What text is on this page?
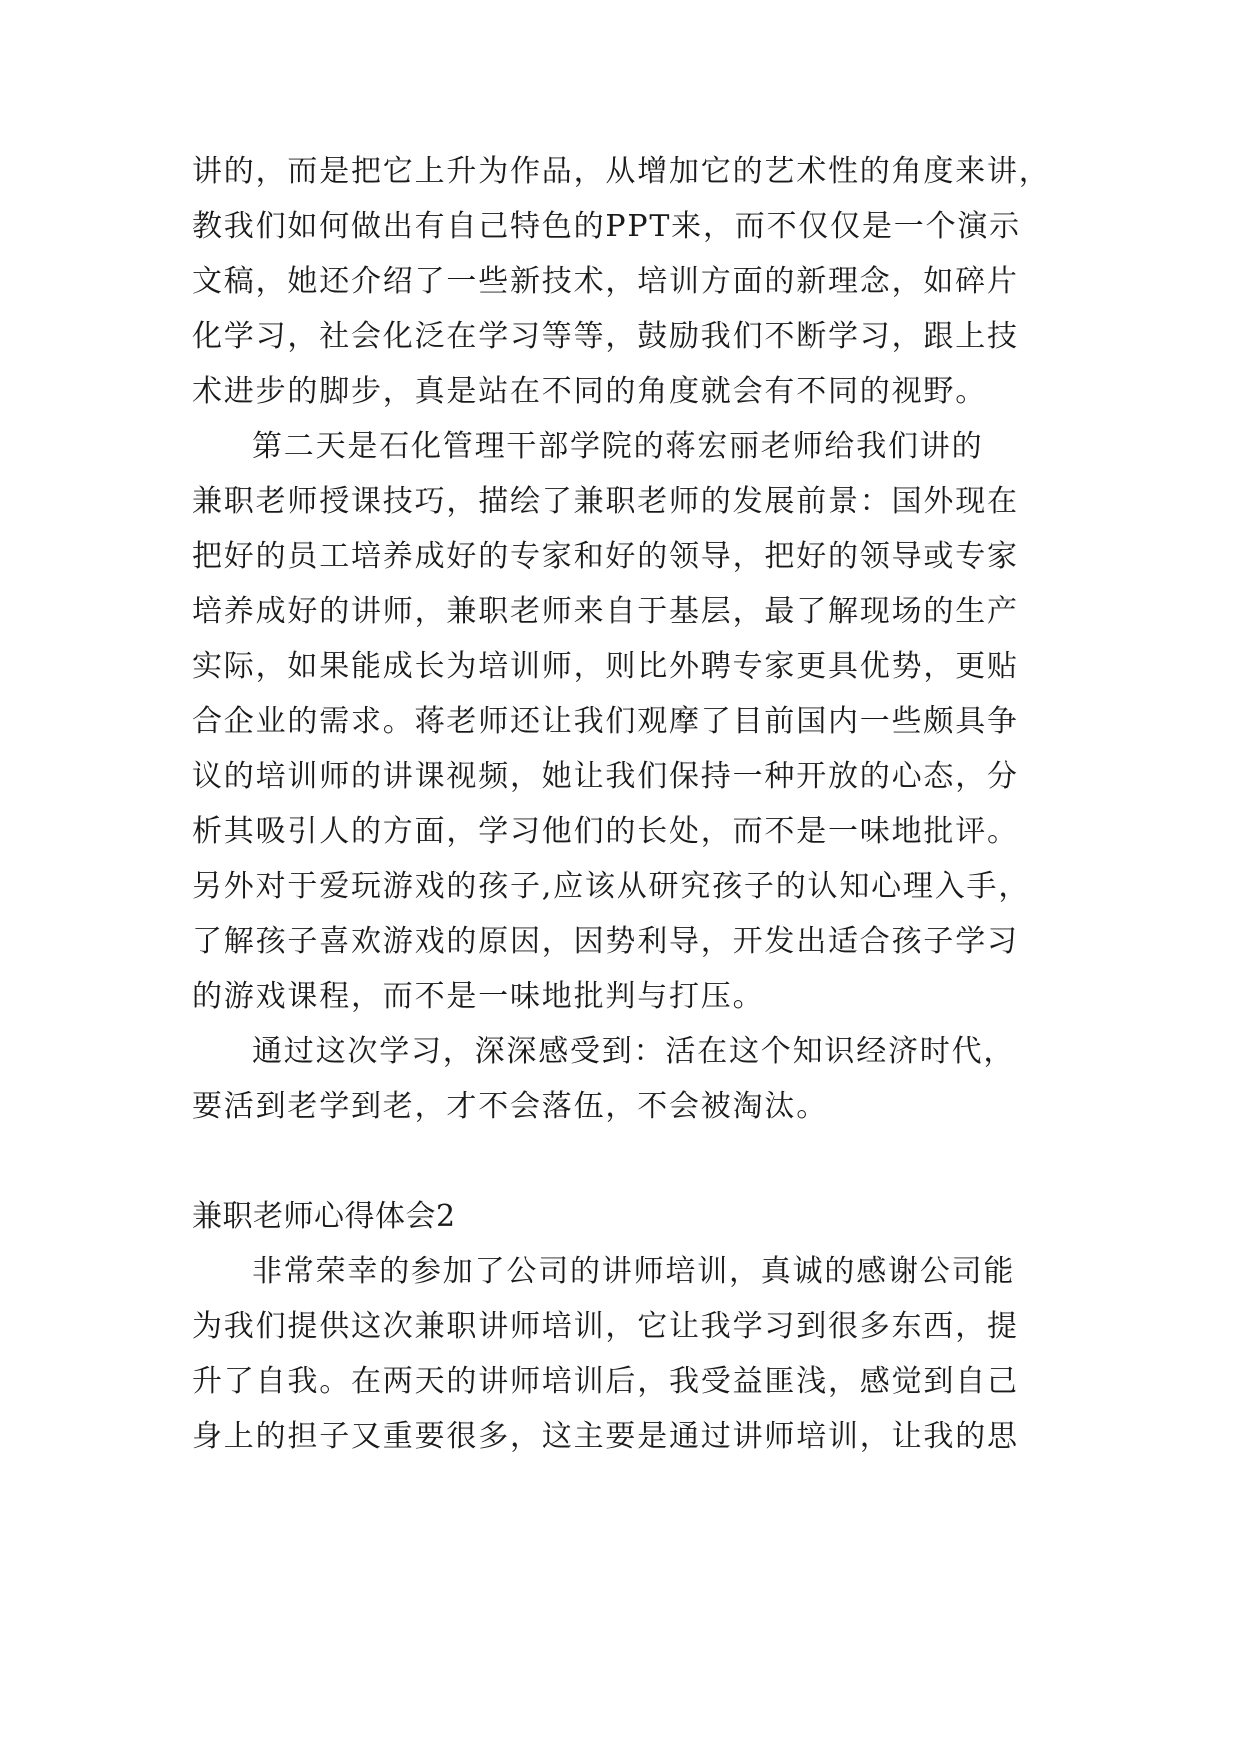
讲的，而是把它上升为作品，从增加它的艺术性的角度来讲，
教我们如何做出有自己特色的PPT来，而不仅仅是一个演示
文稿，她还介绍了一些新技术，培训方面的新理念，如碎片
化学习，社会化泛在学习等等，鼓励我们不断学习，跟上技
术进步的脚步，真是站在不同的角度就会有不同的视野。
第二天是石化管理干部学院的蒋宏丽老师给我们讲的
兼职老师授课技巧，描绘了兼职老师的发展前景：国外现在
把好的员工培养成好的专家和好的领导，把好的领导或专家
培养成好的讲师，兼职老师来自于基层，最了解现场的生产
实际，如果能成长为培训师，则比外聘专家更具优势，更贴
合企业的需求。蒋老师还让我们观摩了目前国内一些颇具争
议的培训师的讲课视频，她让我们保持一种开放的心态，分
析其吸引人的方面，学习他们的长处，而不是一味地批评。
另外对于爱玩游戏的孩子,应该从研究孩子的认知心理入手，
了解孩子喜欢游戏的原因，因势利导，开发出适合孩子学习
的游戏课程，而不是一味地批判与打压。
通过这次学习，深深感受到：活在这个知识经济时代，
要活到老学到老，才不会落伍，不会被淘汰。
兼职老师心得体会2
非常荣幸的参加了公司的讲师培训，真诚的感谢公司能
为我们提供这次兼职讲师培训，它让我学习到很多东西，提
升了自我。在两天的讲师培训后，我受益匪浅，感觉到自己
身上的担子又重要很多，这主要是通过讲师培训，让我的思
